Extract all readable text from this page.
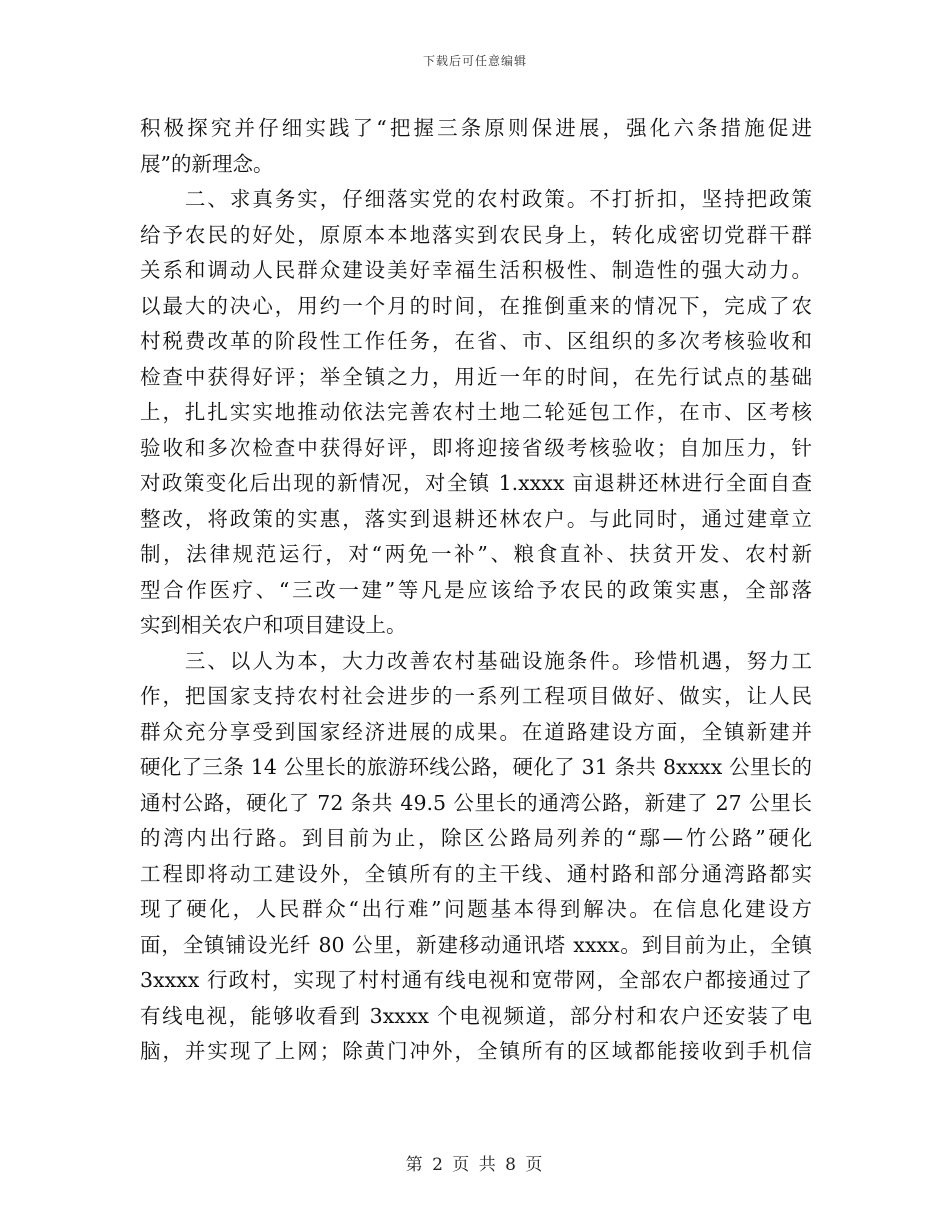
下载后可任意编辑
积极探究并仔细实践了“把握三条原则保进展，强化六条措施促进
展”的新理念。
　　二、求真务实，仔细落实党的农村政策。不打折扣，坚持把政策
给予农民的好处，原原本本地落实到农民身上，转化成密切党群干群
关系和调动人民群众建设美好幸福生活积极性、制造性的强大动力。
以最大的决心，用约一个月的时间，在推倒重来的情况下，完成了农
村税费改革的阶段性工作任务，在省、市、区组织的多次考核验收和
检查中获得好评；举全镇之力，用近一年的时间，在先行试点的基础
上，扎扎实实地推动依法完善农村土地二轮延包工作，在市、区考核
验收和多次检查中获得好评，即将迎接省级考核验收；自加压力，针
对政策变化后出现的新情况，对全镇 1.xxxx 亩退耕还林进行全面自查
整改，将政策的实惠，落实到退耕还林农户。与此同时，通过建章立
制，法律规范运行，对“两免一补”、粮食直补、扶贫开发、农村新
型合作医疗、“三改一建”等凡是应该给予农民的政策实惠，全部落
实到相关农户和项目建设上。
　　三、以人为本，大力改善农村基础设施条件。珍惜机遇，努力工
作，把国家支持农村社会进步的一系列工程项目做好、做实，让人民
群众充分享受到国家经济进展的成果。在道路建设方面，全镇新建并
硬化了三条 14 公里长的旅游环线公路，硬化了 31 条共 8xxxx 公里长的
通村公路，硬化了 72 条共 49.5 公里长的通湾公路，新建了 27 公里长
的湾内出行路。到目前为止，除区公路局列养的“鄢—竹公路”硬化
工程即将动工建设外，全镇所有的主干线、通村路和部分通湾路都实
现了硬化，人民群众“出行难”问题基本得到解决。在信息化建设方
面，全镇铺设光纤 80 公里，新建移动通讯塔 xxxx。到目前为止，全镇
3xxxx 行政村，实现了村村通有线电视和宽带网，全部农户都接通过了
有线电视，能够收看到 3xxxx 个电视频道，部分村和农户还安装了电
脑，并实现了上网；除黄门冲外，全镇所有的区域都能接收到手机信
第 2 页 共 8 页
